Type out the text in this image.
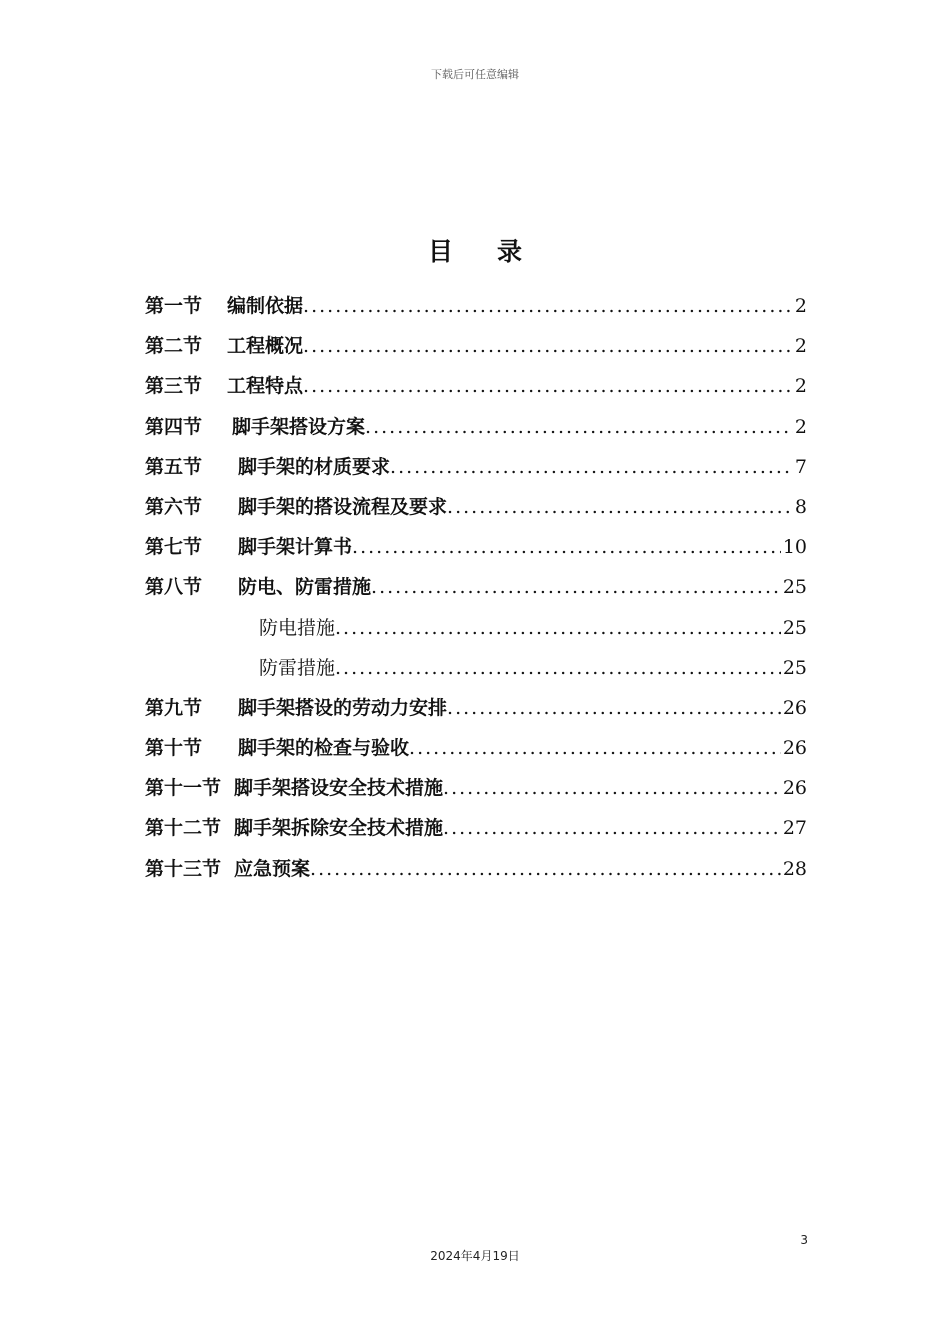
下载后可任意编辑
目 录
第一节 编制依据 .....	2
第二节 工程概况 .....	2
第三节 工程特点 .....	2
第四节 脚手架搭设方案 .....	2
第五节 脚手架的材质要求 .....	7
第六节 脚手架的搭设流程及要求 .....	8
第七节 脚手架计算书 .....	10
第八节 防电、防雷措施 .....	25
防电措施 .....	25
防雷措施 .....	25
第九节 脚手架搭设的劳动力安排 .....	26
第十节 脚手架的检查与验收 .....	26
第十一节 脚手架搭设安全技术措施 .....	26
第十二节 脚手架拆除安全技术措施 .....	27
第十三节 应急预案 .....	28
3
2024年4月19日
